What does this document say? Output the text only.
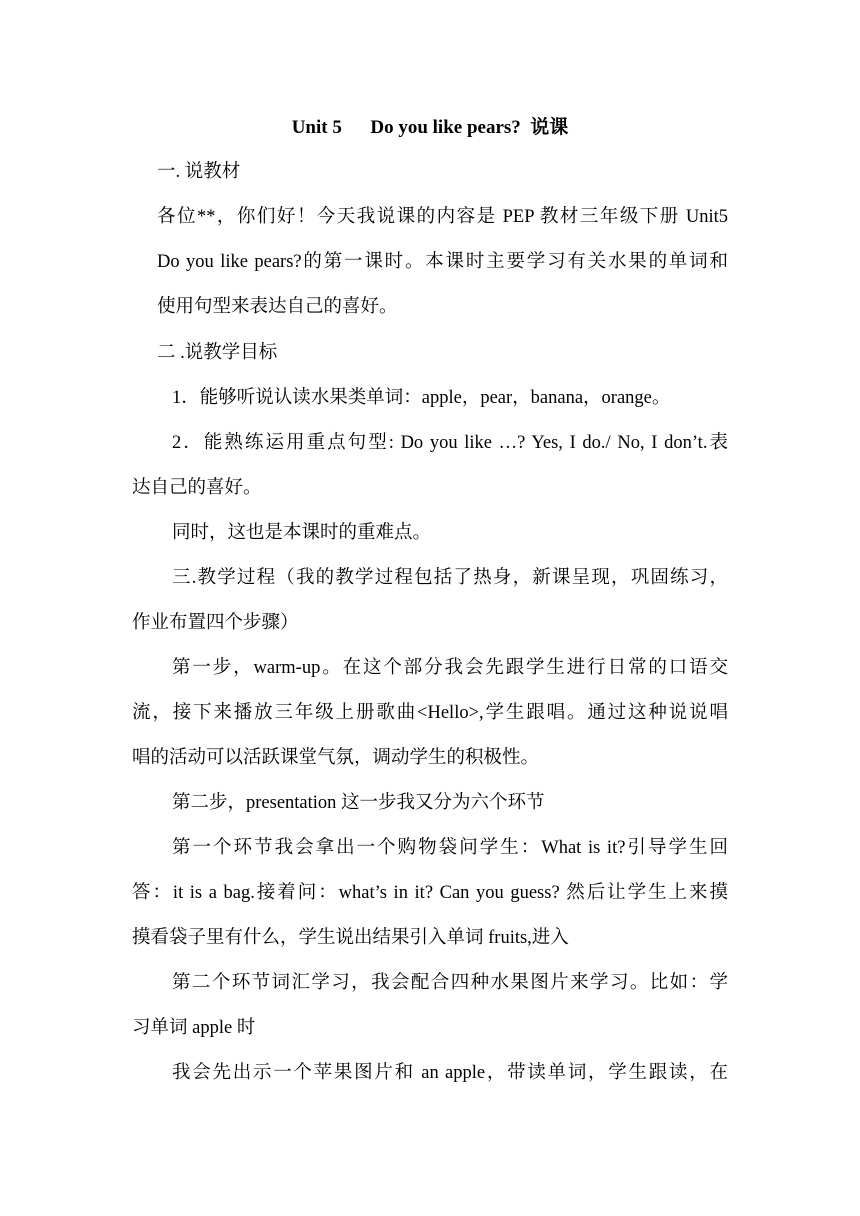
Unit 5      Do you like pears?  说课
一. 说教材
各位**，你们好！今天我说课的内容是 PEP 教材三年级下册 Unit5
Do you like pears?的第一课时。本课时主要学习有关水果的单词和
使用句型来表达自己的喜好。
二 .说教学目标
1．能够听说认读水果类单词：apple，pear，banana，orange。
2．能熟练运用重点句型: Do you like …? Yes, I do./ No, I don’t.表
达自己的喜好。
同时，这也是本课时的重难点。
三.教学过程（我的教学过程包括了热身，新课呈现，巩固练习，
作业布置四个步骤）
第一步，warm-up。在这个部分我会先跟学生进行日常的口语交
流，接下来播放三年级上册歌曲<Hello>,学生跟唱。通过这种说说唱
唱的活动可以活跃课堂气氛，调动学生的积极性。
第二步，presentation 这一步我又分为六个环节
第一个环节我会拿出一个购物袋问学生：What is it?引导学生回
答：it is a bag.接着问：what’s in it? Can you guess? 然后让学生上来摸
摸看袋子里有什么，学生说出结果引入单词 fruits,进入
第二个环节词汇学习，我会配合四种水果图片来学习。比如：学
习单词 apple 时
我会先出示一个苹果图片和 an apple，带读单词，学生跟读，在
